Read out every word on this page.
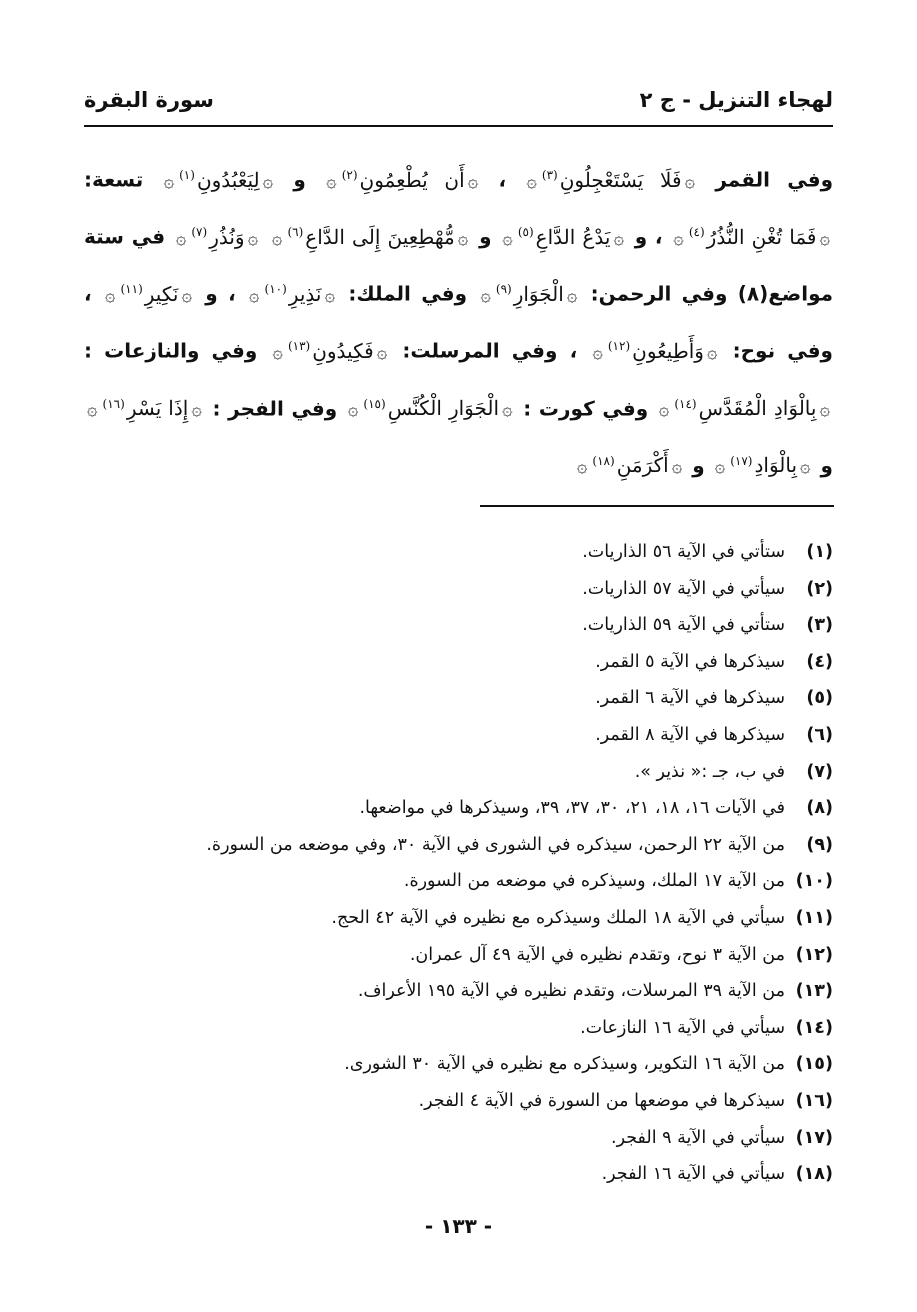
لهجاء التنزيل - ج ٢
سورة البقرة
وفي القمر ۞فَلَا يَسْتَعْجِلُونِ$^{(٣)}$۞ ، ۞أَن يُطْعِمُونِ$^{(٢)}$۞ و ۞لِيَعْبُدُونِ$^{(١)}$۞ تسعة: ۞فَمَا تُغْنِ النُّذُرُ$^{(٤)}$۞ ، و ۞يَدْعُ الدَّاعِ$^{(٥)}$۞ و ۞مُّهْطِعِينَ إِلَى الدَّاعِ$^{(٦)}$۞ ۞وَنُذُرِ$^{(٧)}$۞ في ستة مواضع(٨) وفي الرحمن: ۞الْجَوَارِ$^{(٩)}$۞ وفي الملك: ۞نَذِيرِ$^{(١٠)}$۞ ، و ۞نَكِيرِ$^{(١١)}$۞ ، وفي نوح: ۞وَأَطِيعُونِ$^{(١٢)}$۞ ، وفي المرسلت: ۞فَكِيدُونِ$^{(١٣)}$۞ وفي والنازعات : ۞بِالْوَادِ الْمُقَدَّسِ$^{(١٤)}$۞ وفي كورت : ۞الْجَوَارِ الْكُنَّسِ$^{(١٥)}$۞ وفي الفجر : ۞إِذَا يَسْرِ$^{(١٦)}$۞ و ۞بِالْوَادِ$^{(١٧)}$۞ و ۞أَكْرَمَنِ$^{(١٨)}$۞
(١)ستأتي في الآية ٥٦ الذاريات.
(٢)سيأتي في الآية ٥٧ الذاريات.
(٣)ستأتي في الآية ٥٩ الذاريات.
(٤)سيذكرها في الآية ٥ القمر.
(٥)سيذكرها في الآية ٦ القمر.
(٦)سيذكرها في الآية ٨ القمر.
(٧)في ب، جـ :« نذير ».
(٨)في الآيات ١٦، ١٨، ٢١، ٣٠، ٣٧، ٣٩، وسيذكرها في مواضعها.
(٩)من الآية ٢٢ الرحمن، سيذكره في الشورى في الآية ٣٠، وفي موضعه من السورة.
(١٠)من الآية ١٧ الملك، وسيذكره في موضعه من السورة.
(١١)سيأتي في الآية ١٨ الملك وسيذكره مع نظيره في الآية ٤٢ الحج.
(١٢)من الآية ٣ نوح، وتقدم نظيره في الآية ٤٩ آل عمران.
(١٣)من الآية ٣٩ المرسلات، وتقدم نظيره في الآية ١٩٥ الأعراف.
(١٤)سيأتي في الآية ١٦ النازعات.
(١٥)من الآية ١٦ التكوير، وسيذكره مع نظيره في الآية ٣٠ الشورى.
(١٦)سيذكرها في موضعها من السورة في الآية ٤ الفجر.
(١٧)سيأتي في الآية ٩ الفجر.
(١٨)سيأتي في الآية ١٦ الفجر.
- ١٣٣ -
